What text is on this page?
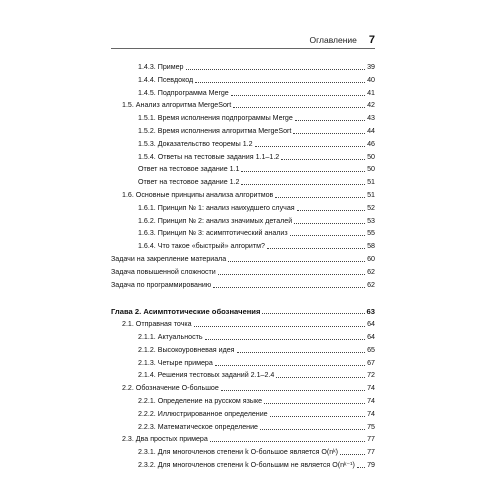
Оглавление 7
1.4.3. Пример	39
1.4.4. Псевдокод	40
1.4.5. Подпрограмма Merge	41
1.5. Анализ алгоритма MergeSort	42
1.5.1. Время исполнения подпрограммы Merge	43
1.5.2. Время исполнения алгоритма MergeSort	44
1.5.3. Доказательство теоремы 1.2	46
1.5.4. Ответы на тестовые задания 1.1–1.2	50
Ответ на тестовое задание 1.1	50
Ответ на тестовое задание 1.2	51
1.6. Основные принципы анализа алгоритмов	51
1.6.1. Принцип № 1: анализ наихудшего случая	52
1.6.2. Принцип № 2: анализ значимых деталей	53
1.6.3. Принцип № 3: асимптотический анализ	55
1.6.4. Что такое «быстрый» алгоритм?	58
Задачи на закрепление материала	60
Задача повышенной сложности	62
Задача по программированию	62
Глава 2. Асимптотические обозначения	63
2.1. Отправная точка	64
2.1.1. Актуальность	64
2.1.2. Высокоуровневая идея	65
2.1.3. Четыре примера	67
2.1.4. Решения тестовых заданий 2.1–2.4	72
2.2. Обозначение O-большое	74
2.2.1. Определение на русском языке	74
2.2.2. Иллюстрированное определение	74
2.2.3. Математическое определение	75
2.3. Два простых примера	77
2.3.1. Для многочленов степени k O-большое является O(nᵏ)	77
2.3.2. Для многочленов степени k O-большим не является O(nᵏ⁻¹) 79
